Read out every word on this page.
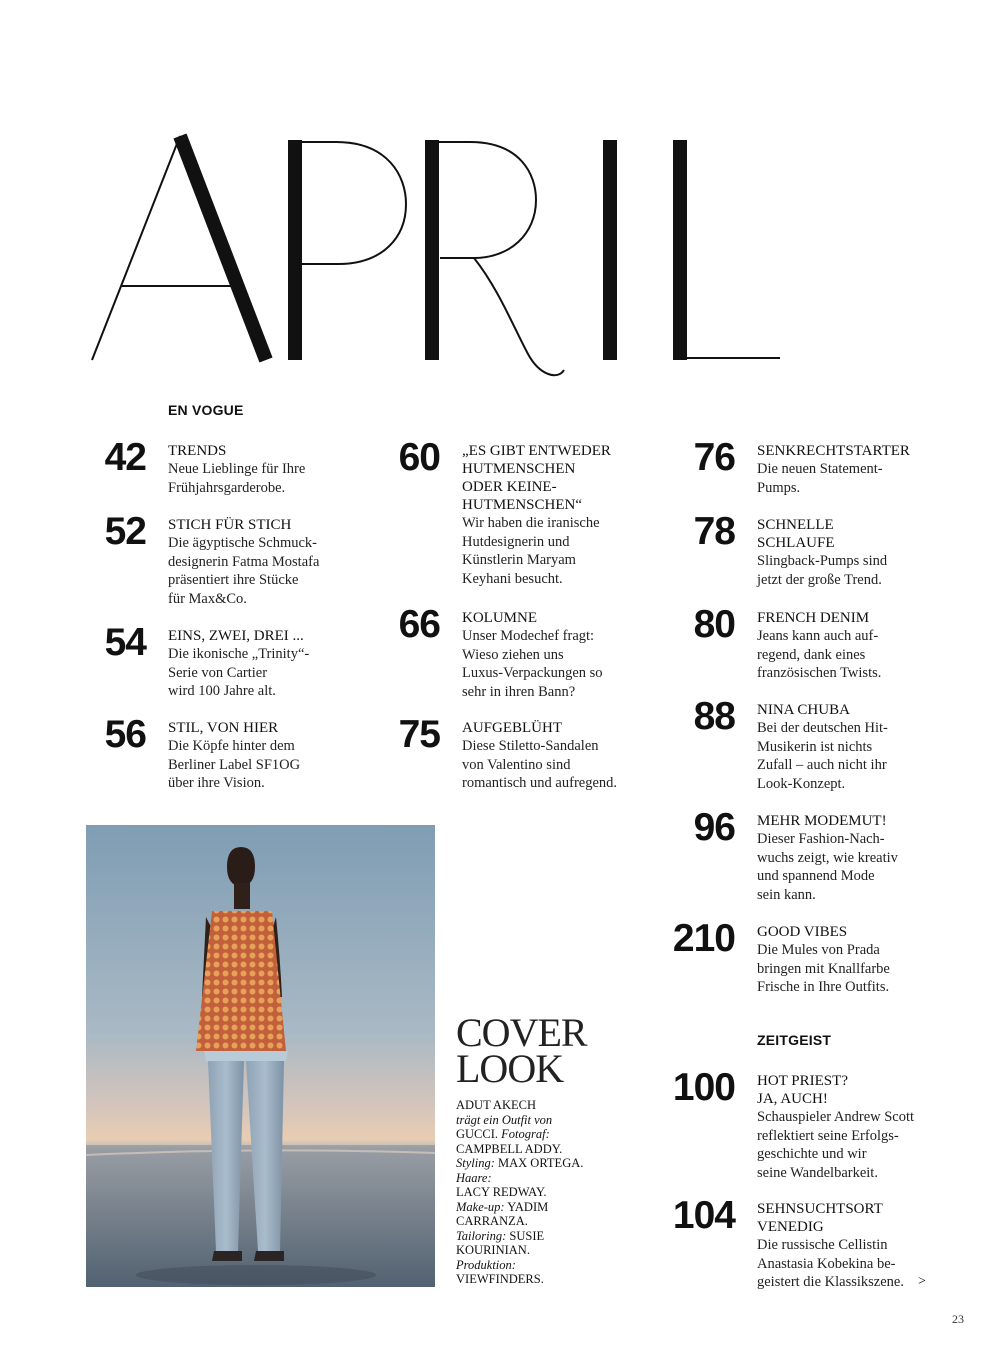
EN VOGUE
42 TRENDS
Neue Lieblinge für Ihre
Frühjahrsgarderobe.
52 STICH FÜR STICH
Die ägyptische Schmuck-
designerin Fatma Mostafa
präsentiert ihre Stücke
für Max&Co.
54 EINS, ZWEI, DREI ...
Die ikonische „Trinity“-
Serie von Cartier
wird 100 Jahre alt.
56 STIL, VON HIER
Die Köpfe hinter dem
Berliner Label SF1OG
über ihre Vision.
60 „ES GIBT ENTWEDER
HUTMENSCHEN
ODER KEINE-
HUTMENSCHEN“
Wir haben die iranische
Hutdesignerin und
Künstlerin Maryam
Keyhani besucht.
66 KOLUMNE
Unser Modechef fragt:
Wieso ziehen uns
Luxus-Verpackungen so
sehr in ihren Bann?
75 AUFGEBLÜHT
Diese Stiletto-Sandalen
von Valentino sind
romantisch und aufregend.
76 SENKRECHTSTARTER
Die neuen Statement-
Pumps.
78 SCHNELLE
SCHLAUFE
Slingback-Pumps sind
jetzt der große Trend.
80 FRENCH DENIM
Jeans kann auch auf-
regend, dank eines
französischen Twists.
88 NINA CHUBA
Bei der deutschen Hit-
Musikerin ist nichts
Zufall – auch nicht ihr
Look-Konzept.
96 MEHR MODEMUT!
Dieser Fashion-Nach-
wuchs zeigt, wie kreativ
und spannend Mode
sein kann.
210 GOOD VIBES
Die Mules von Prada
bringen mit Knallfarbe
Frische in Ihre Outfits.
ZEITGEIST
100 HOT PRIEST?
JA, AUCH!
Schauspieler Andrew Scott
reflektiert seine Erfolgs-
geschichte und wir
seine Wandelbarkeit.
104 SEHNSUCHTSORT
VENEDIG
Die russische Cellistin
Anastasia Kobekina be-
geistert die Klassikszene.	>
COVER
LOOK
ADUT AKECH
trägt ein Outfit von
GUCCI. Fotograf:
CAMPBELL ADDY.
Styling: MAX ORTEGA. Haare:
LACY REDWAY.
Make-up: YADIM CARRANZA.
Tailoring: SUSIE KOURINIAN.
Produktion:
VIEWFINDERS.
23
